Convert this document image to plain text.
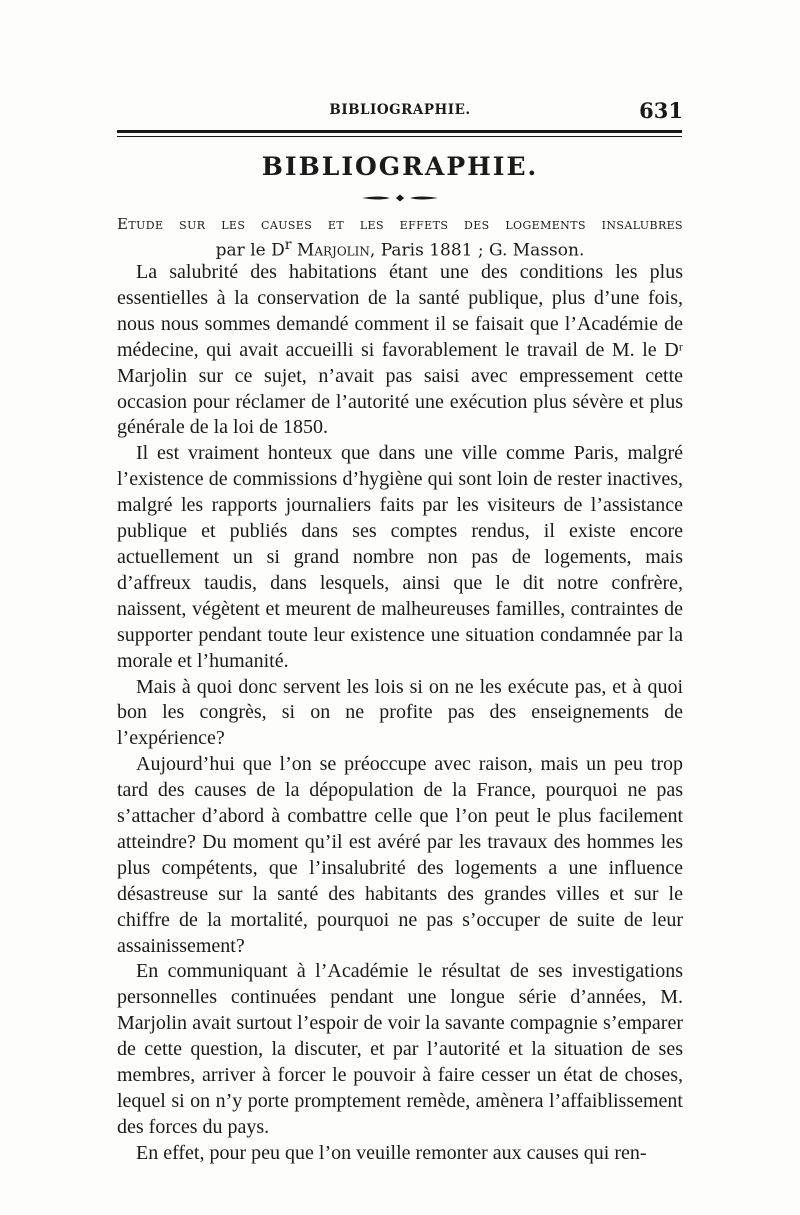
BIBLIOGRAPHIE.	631
BIBLIOGRAPHIE.
Etude sur les causes et les effets des logements insalubres
par le $D^r$ Marjolin, Paris 1881 ; G. Masson.

La salubrité des habitations étant une des conditions les plus essentielles à la conservation de la santé publique, plus d’une fois, nous nous sommes demandé comment il se faisait que l’Académie de médecine, qui avait accueilli si favorablement le travail de M. le Dʳ Marjolin sur ce sujet, n’avait pas saisi avec empressement cette occasion pour réclamer de l’autorité une exécution plus sévère et plus générale de la loi de 1850.

Il est vraiment honteux que dans une ville comme Paris, malgré l’existence de commissions d’hygiène qui sont loin de rester inactives, malgré les rapports journaliers faits par les visiteurs de l’assistance publique et publiés dans ses comptes rendus, il existe encore actuellement un si grand nombre non pas de logements, mais d’affreux taudis, dans lesquels, ainsi que le dit notre confrère, naissent, végètent et meurent de malheureuses familles, contraintes de supporter pendant toute leur existence une situation condamnée par la morale et l’humanité.

Mais à quoi donc servent les lois si on ne les exécute pas, et à quoi bon les congrès, si on ne profite pas des enseignements de l’expérience?

Aujourd’hui que l’on se préoccupe avec raison, mais un peu trop tard des causes de la dépopulation de la France, pourquoi ne pas s’attacher d’abord à combattre celle que l’on peut le plus facilement atteindre? Du moment qu’il est avéré par les travaux des hommes les plus compétents, que l’insalubrité des logements a une influence désastreuse sur la santé des habitants des grandes villes et sur le chiffre de la mortalité, pourquoi ne pas s’occuper de suite de leur assainissement?

En communiquant à l’Académie le résultat de ses investigations personnelles continuées pendant une longue série d’années, M. Marjolin avait surtout l’espoir de voir la savante compagnie s’emparer de cette question, la discuter, et par l’autorité et la situation de ses membres, arriver à forcer le pouvoir à faire cesser un état de choses, lequel si on n’y porte promptement remède, amènera l’affaiblissement des forces du pays.

En effet, pour peu que l’on veuille remonter aux causes qui ren-
